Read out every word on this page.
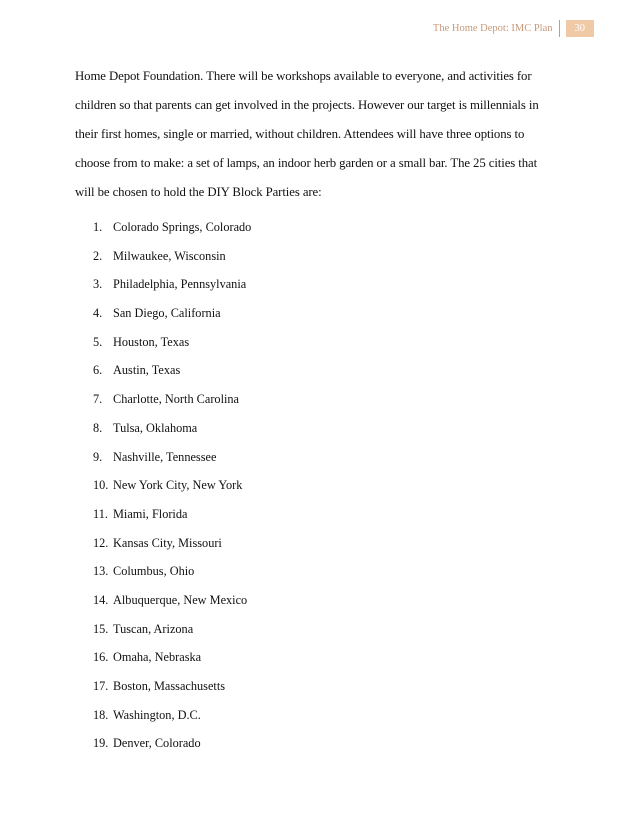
The Home Depot: IMC Plan	30
Home Depot Foundation. There will be workshops available to everyone, and activities for
children so that parents can get involved in the projects. However our target is millennials in
their first homes, single or married, without children. Attendees will have three options to
choose from to make: a set of lamps, an indoor herb garden or a small bar. The 25 cities that
will be chosen to hold the DIY Block Parties are:
1. Colorado Springs, Colorado
2. Milwaukee, Wisconsin
3. Philadelphia, Pennsylvania
4. San Diego, California
5. Houston, Texas
6. Austin, Texas
7. Charlotte, North Carolina
8. Tulsa, Oklahoma
9. Nashville, Tennessee
10. New York City, New York
11. Miami, Florida
12. Kansas City, Missouri
13. Columbus, Ohio
14. Albuquerque, New Mexico
15. Tuscan, Arizona
16. Omaha, Nebraska
17. Boston, Massachusetts
18. Washington, D.C.
19. Denver, Colorado
